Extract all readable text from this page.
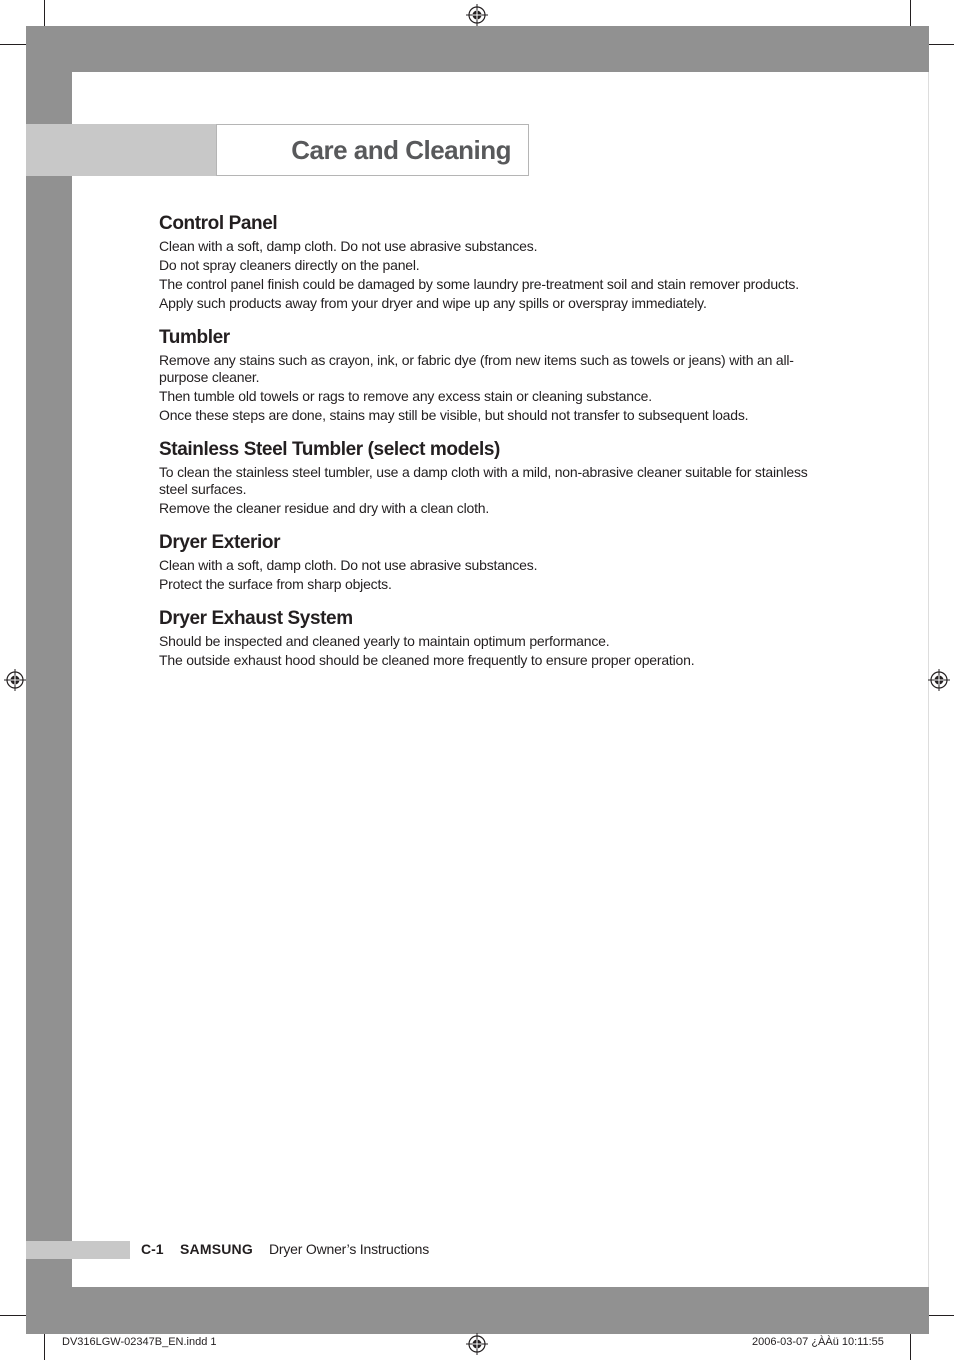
Care and Cleaning
Control Panel

Clean with a soft, damp cloth. Do not use abrasive substances.

Do not spray cleaners directly on the panel.

The control panel finish could be damaged by some laundry pre-treatment soil and stain remover products.

Apply such products away from your dryer and wipe up any spills or overspray immediately.

Tumbler

Remove any stains such as crayon, ink, or fabric dye (from new items such as towels or jeans) with an all-purpose cleaner.

Then tumble old towels or rags to remove any excess stain or cleaning substance.

Once these steps are done, stains may still be visible, but should not transfer to subsequent loads.

Stainless Steel Tumbler (select models)

To clean the stainless steel tumbler, use a damp cloth with a mild, non-abrasive cleaner suitable for stainless steel surfaces.

Remove the cleaner residue and dry with a clean cloth.

Dryer Exterior

Clean with a soft, damp cloth. Do not use abrasive substances.

Protect the surface from sharp objects.

Dryer Exhaust System

Should be inspected and cleaned yearly to maintain optimum performance.

The outside exhaust hood should be cleaned more frequently to ensure proper operation.

C-1 SAMSUNG Dryer Owner’s Instructions
DV316LGW-02347B_EN.indd 1	2006-03-07 ¿ÀÀü 10:11:55
